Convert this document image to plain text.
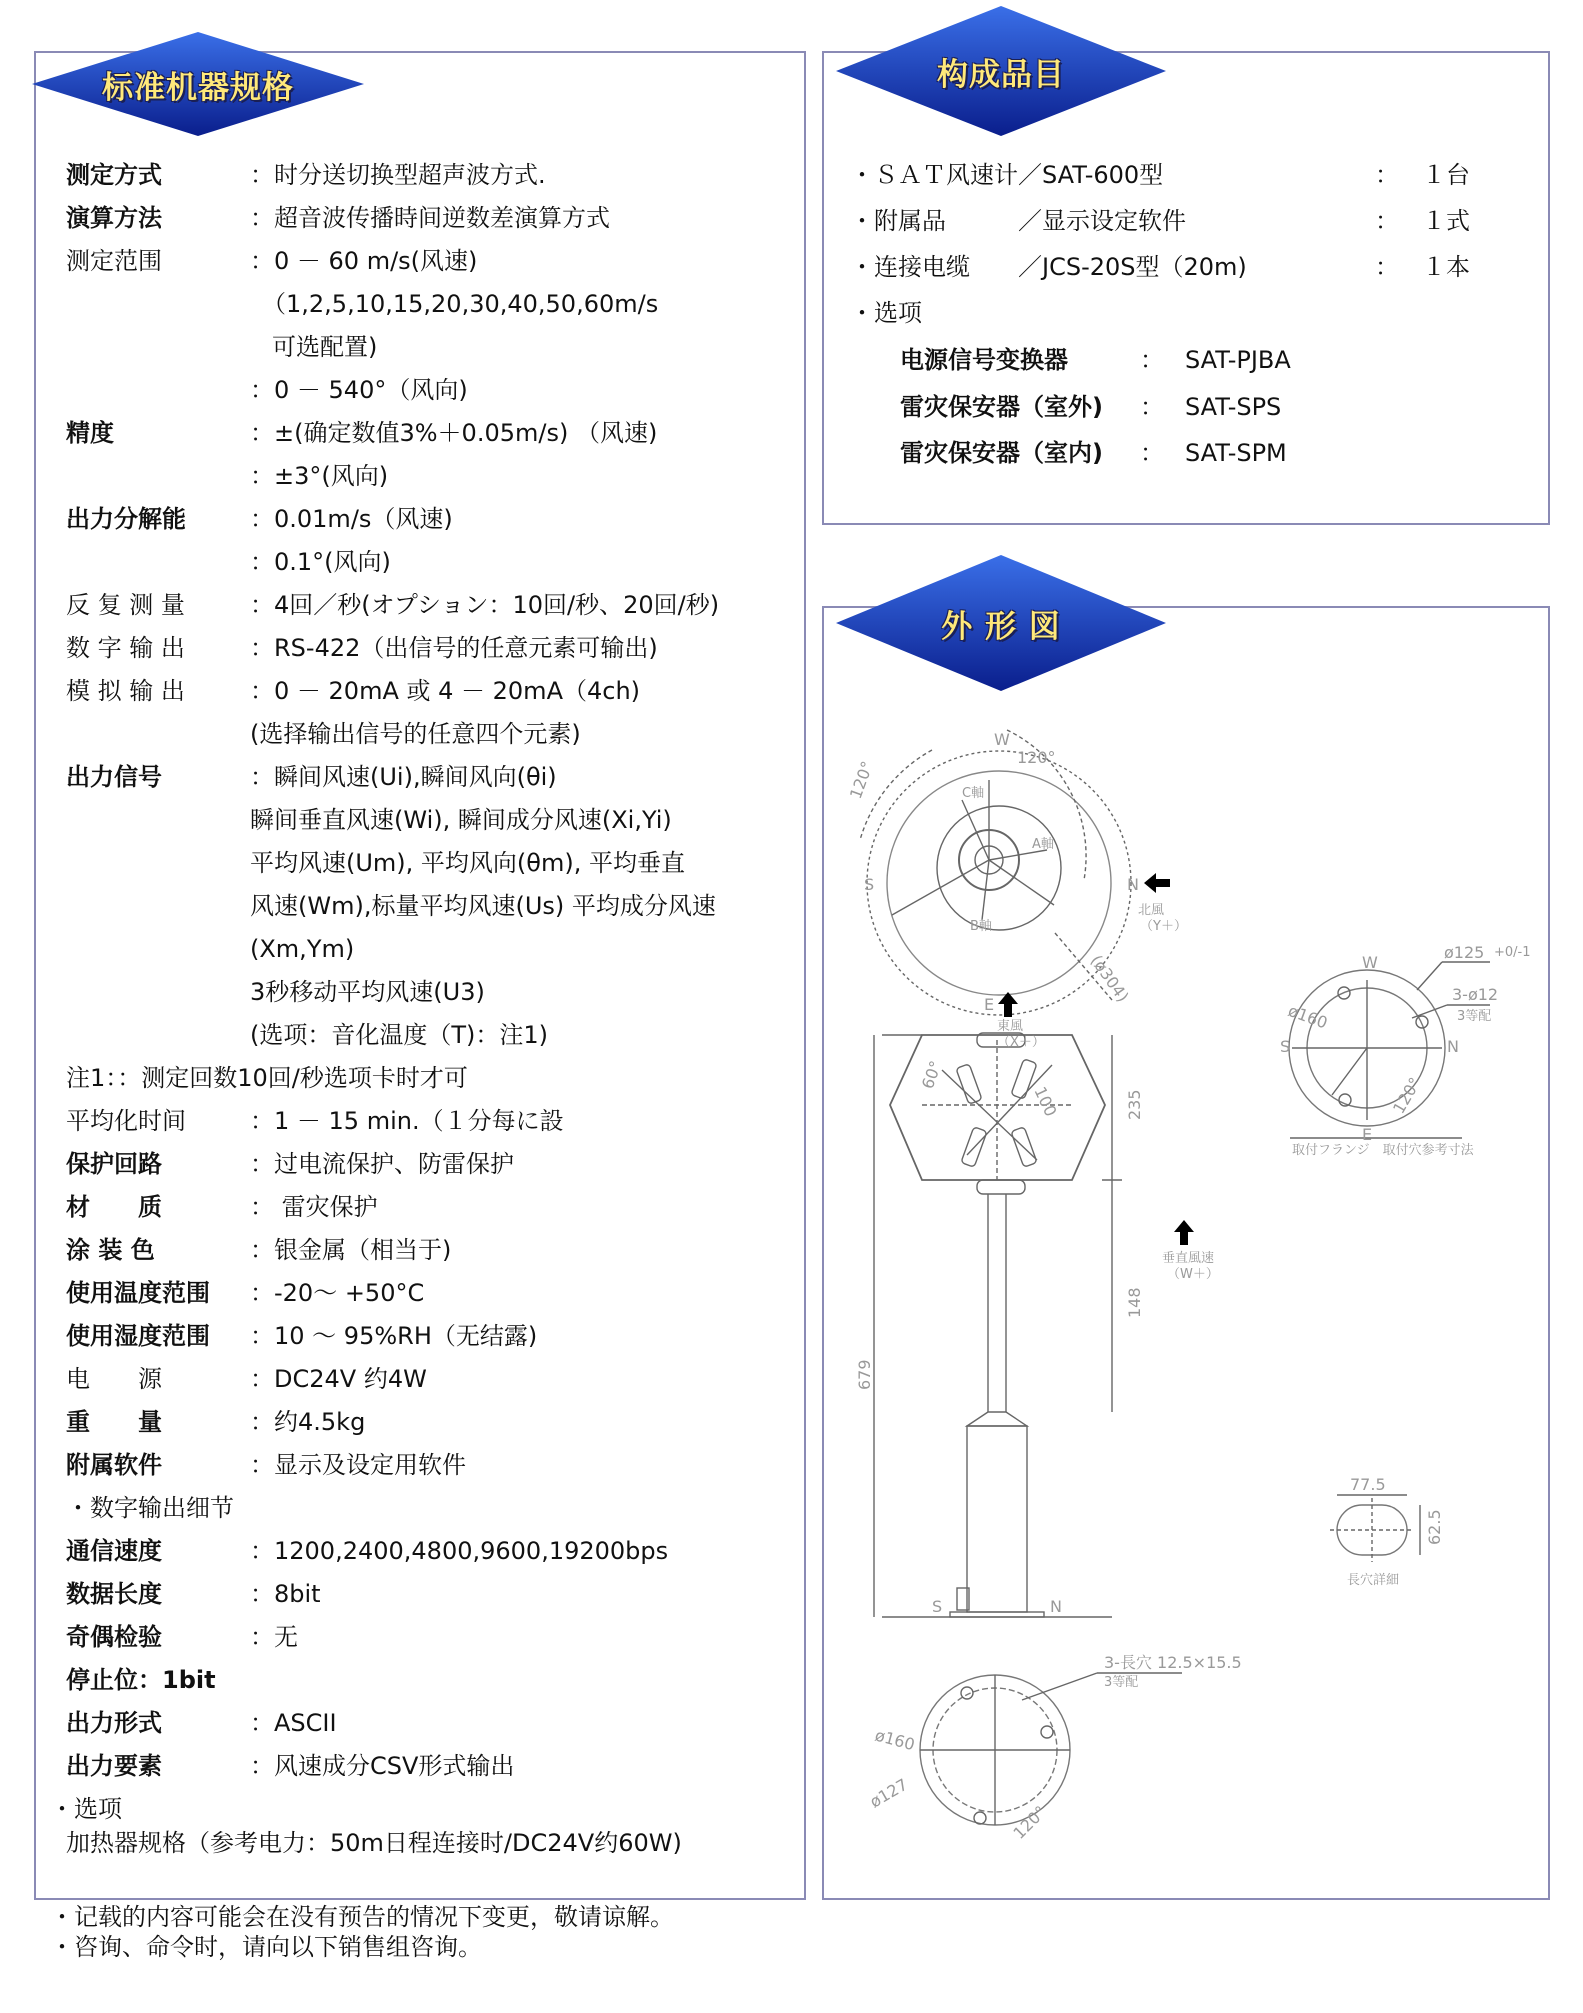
标准机器规格
测定方式	：时分送切换型超声波方式.
演算方法	：超音波传播時间逆数差演算方式
测定范围	：0 － 60 m/s(风速)
（1,2,5,10,15,20,30,40,50,60m/s
可选配置)
：0 － 540°（风向)
精度	：±(确定数值3%＋0.05m/s) （风速)
：±3°(风向)
出力分解能	：0.01m/s（风速)
：0.1°(风向)
反 复 测 量	：4回／秒(オプション：10回/秒、20回/秒)
数 字 输 出	：RS-422（出信号的任意元素可输出)
模 拟 输 出	：0 － 20mA 或 4 － 20mA（4ch)
(选择输出信号的任意四个元素)
出力信号	：瞬间风速(Ui),瞬间风向(θi)
瞬间垂直风速(Wi), 瞬间成分风速(Xi,Yi)
平均风速(Um), 平均风向(θm), 平均垂直
风速(Wm),标量平均风速(Us) 平均成分风速
(Xm,Ym)
3秒移动平均风速(U3)
(选项：音化温度（T)：注1)
注1：：测定回数10回/秒选项卡时才可
平均化时间	：1 － 15 min.（１分每に設
保护回路	：过电流保护、防雷保护
材　　质	： 雷灾保护
涂 装 色	：银金属（相当于)
使用温度范围 ：-20～ +50°C
使用湿度范围 ：10 ～ 95%RH（无结露)
电　　源	：DC24V 约4W
重　　量	：约4.5kg
附属软件	：显示及设定用软件
・数字输出细节
通信速度	：1200,2400,4800,9600,19200bps
数据长度	：8bit
奇偶检验	：无
停止位：1bit
出力形式	：ASCII
出力要素	：风速成分CSV形式输出
・选项
加热器规格（参考电力：50m日程连接时/DC24V约60W)
构成品目
・ＳＡＴ风速计／SAT-600型	： １台
・附属品　　　／显示设定软件	： １式
・连接电缆　　／JCS-20S型（20m)	： １本
・选项
电源信号变换器	： SAT-PJBA
雷灾保安器（室外) ： SAT-SPS
雷灾保安器（室内) ： SAT-SPM
外 形 図
W
S	N
E
120°
120°
C軸
A軸
B軸
(ø304)
北風
（Y＋）
東風
（X＋）
60°
100	235
148
679
垂直風速
（W＋）
S	N
W
S	N
E
ø125 +0/-1
ø160
3-ø12
3等配
120°
取付フランジ　取付穴参考寸法
77.5
62.5
長穴詳細
3-長穴 12.5×15.5
3等配
ø160
ø127
120°
・记载的内容可能会在没有预告的情况下变更，敬请谅解。
・咨询、命令时，请向以下销售组咨询。
